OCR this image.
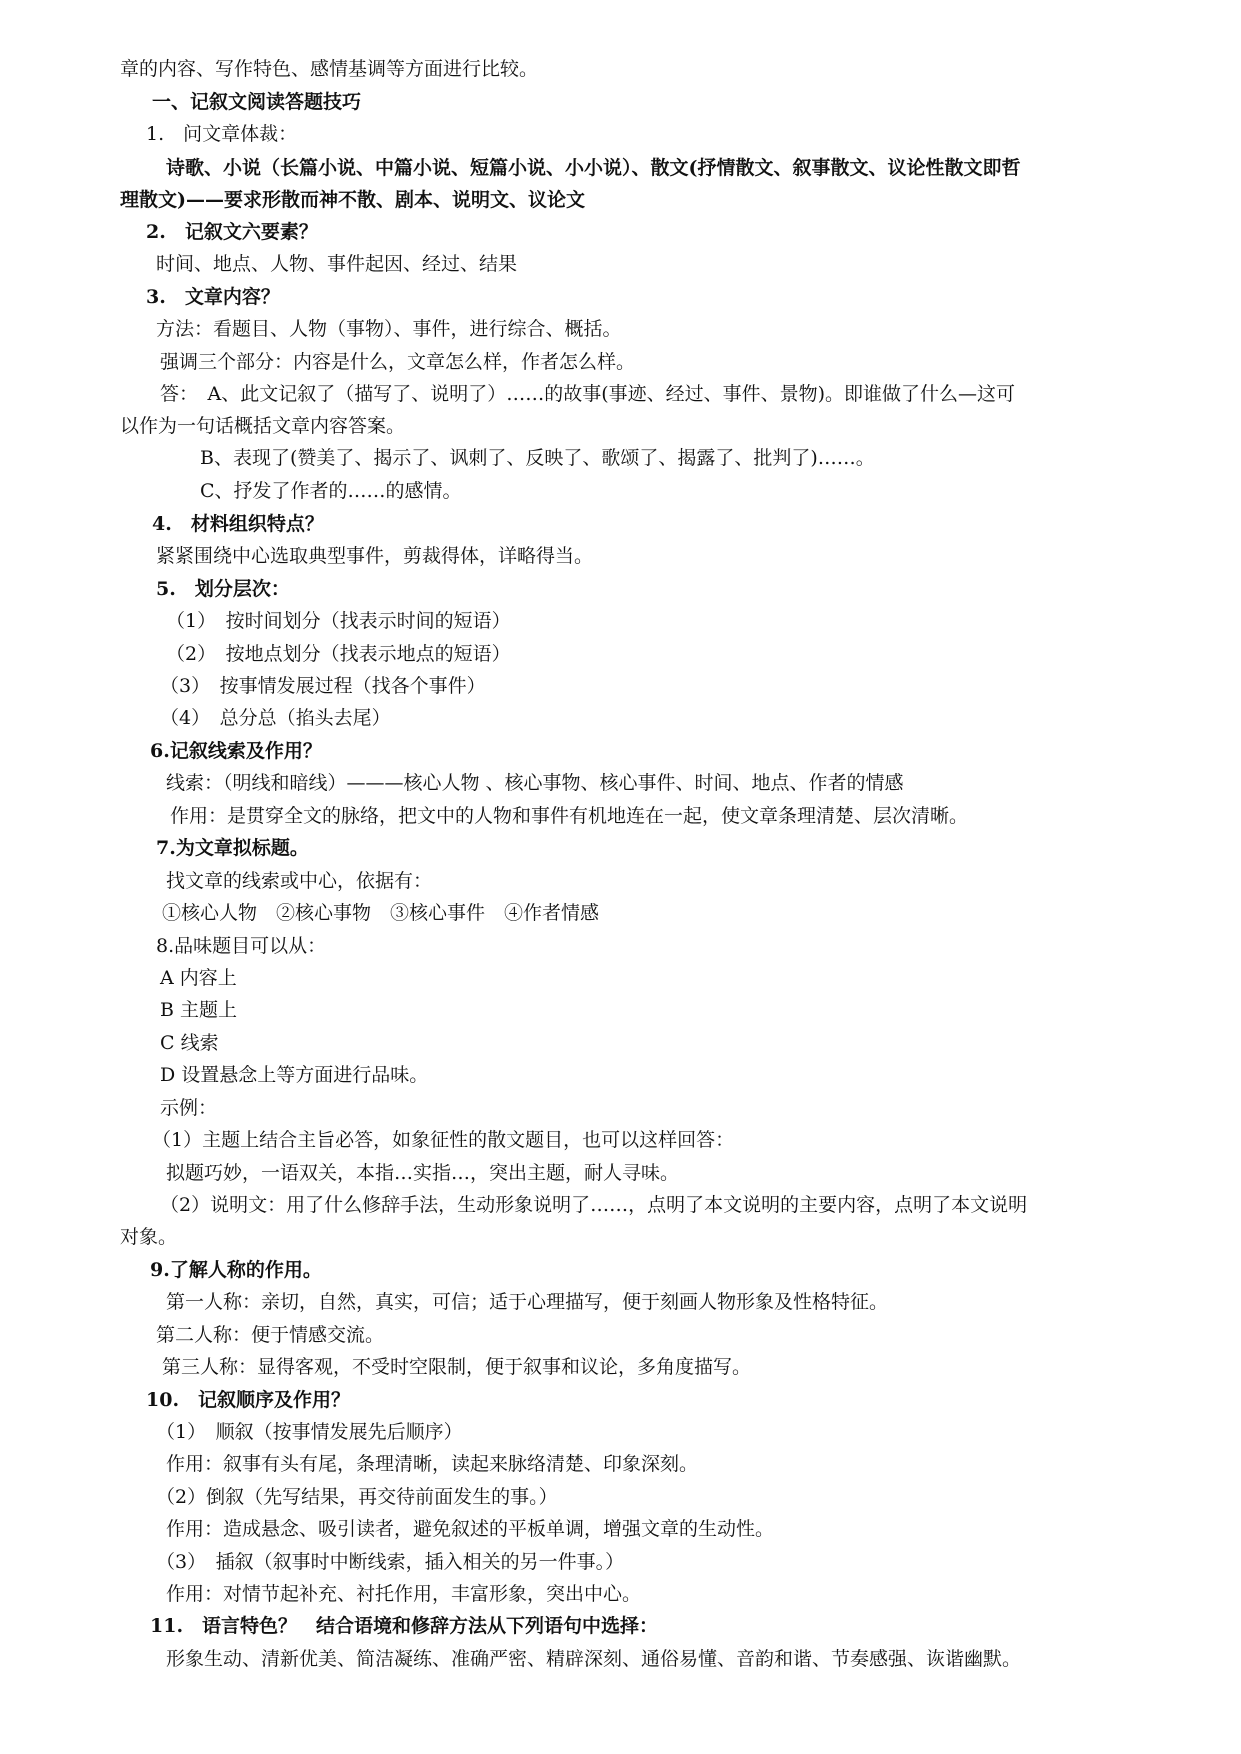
章的内容、写作特色、感情基调等方面进行比较。
一、记叙文阅读答题技巧
1.　问文章体裁：
诗歌、小说（长篇小说、中篇小说、短篇小说、小小说）、散文(抒情散文、叙事散文、议论性散文即哲
理散文)——要求形散而神不散、剧本、说明文、议论文
2.　记叙文六要素？
时间、地点、人物、事件起因、经过、结果
3.　文章内容？
方法：看题目、人物（事物）、事件，进行综合、概括。
强调三个部分：内容是什么，文章怎么样，作者怎么样。
答：　A、此文记叙了（描写了、说明了）……的故事(事迹、经过、事件、景物)。即谁做了什么—这可
以作为一句话概括文章内容答案。
B、表现了(赞美了、揭示了、讽刺了、反映了、歌颂了、揭露了、批判了)……。
C、抒发了作者的……的感情。
4.　材料组织特点？
紧紧围绕中心选取典型事件，剪裁得体，详略得当。
5.　划分层次：
（1）　按时间划分（找表示时间的短语）
（2）　按地点划分（找表示地点的短语）
（3）　按事情发展过程（找各个事件）
（4）　总分总（掐头去尾）
6.记叙线索及作用？
线索：（明线和暗线）———核心人物 、核心事物、核心事件、时间、地点、作者的情感
作用：是贯穿全文的脉络，把文中的人物和事件有机地连在一起，使文章条理清楚、层次清晰。
7.为文章拟标题。
找文章的线索或中心，依据有：
①核心人物　②核心事物　③核心事件　④作者情感
8.品味题目可以从：
A 内容上
B 主题上
C 线索
D 设置悬念上等方面进行品味。
示例：
（1）主题上结合主旨必答，如象征性的散文题目，也可以这样回答：
拟题巧妙，一语双关，本指…实指…，突出主题，耐人寻味。
（2）说明文：用了什么修辞手法，生动形象说明了……，点明了本文说明的主要内容，点明了本文说明
对象。
9.了解人称的作用。
第一人称：亲切，自然，真实，可信；适于心理描写，便于刻画人物形象及性格特征。
第二人称：便于情感交流。
第三人称：显得客观，不受时空限制，便于叙事和议论，多角度描写。
10.　记叙顺序及作用？
（1）　顺叙（按事情发展先后顺序）
作用：叙事有头有尾，条理清晰，读起来脉络清楚、印象深刻。
（2）倒叙（先写结果，再交待前面发生的事。）
作用：造成悬念、吸引读者，避免叙述的平板单调，增强文章的生动性。
（3）　插叙（叙事时中断线索，插入相关的另一件事。）
作用：对情节起补充、衬托作用，丰富形象，突出中心。
11.　语言特色？　结合语境和修辞方法从下列语句中选择：
形象生动、清新优美、简洁凝练、准确严密、精辟深刻、通俗易懂、音韵和谐、节奏感强、诙谐幽默。
